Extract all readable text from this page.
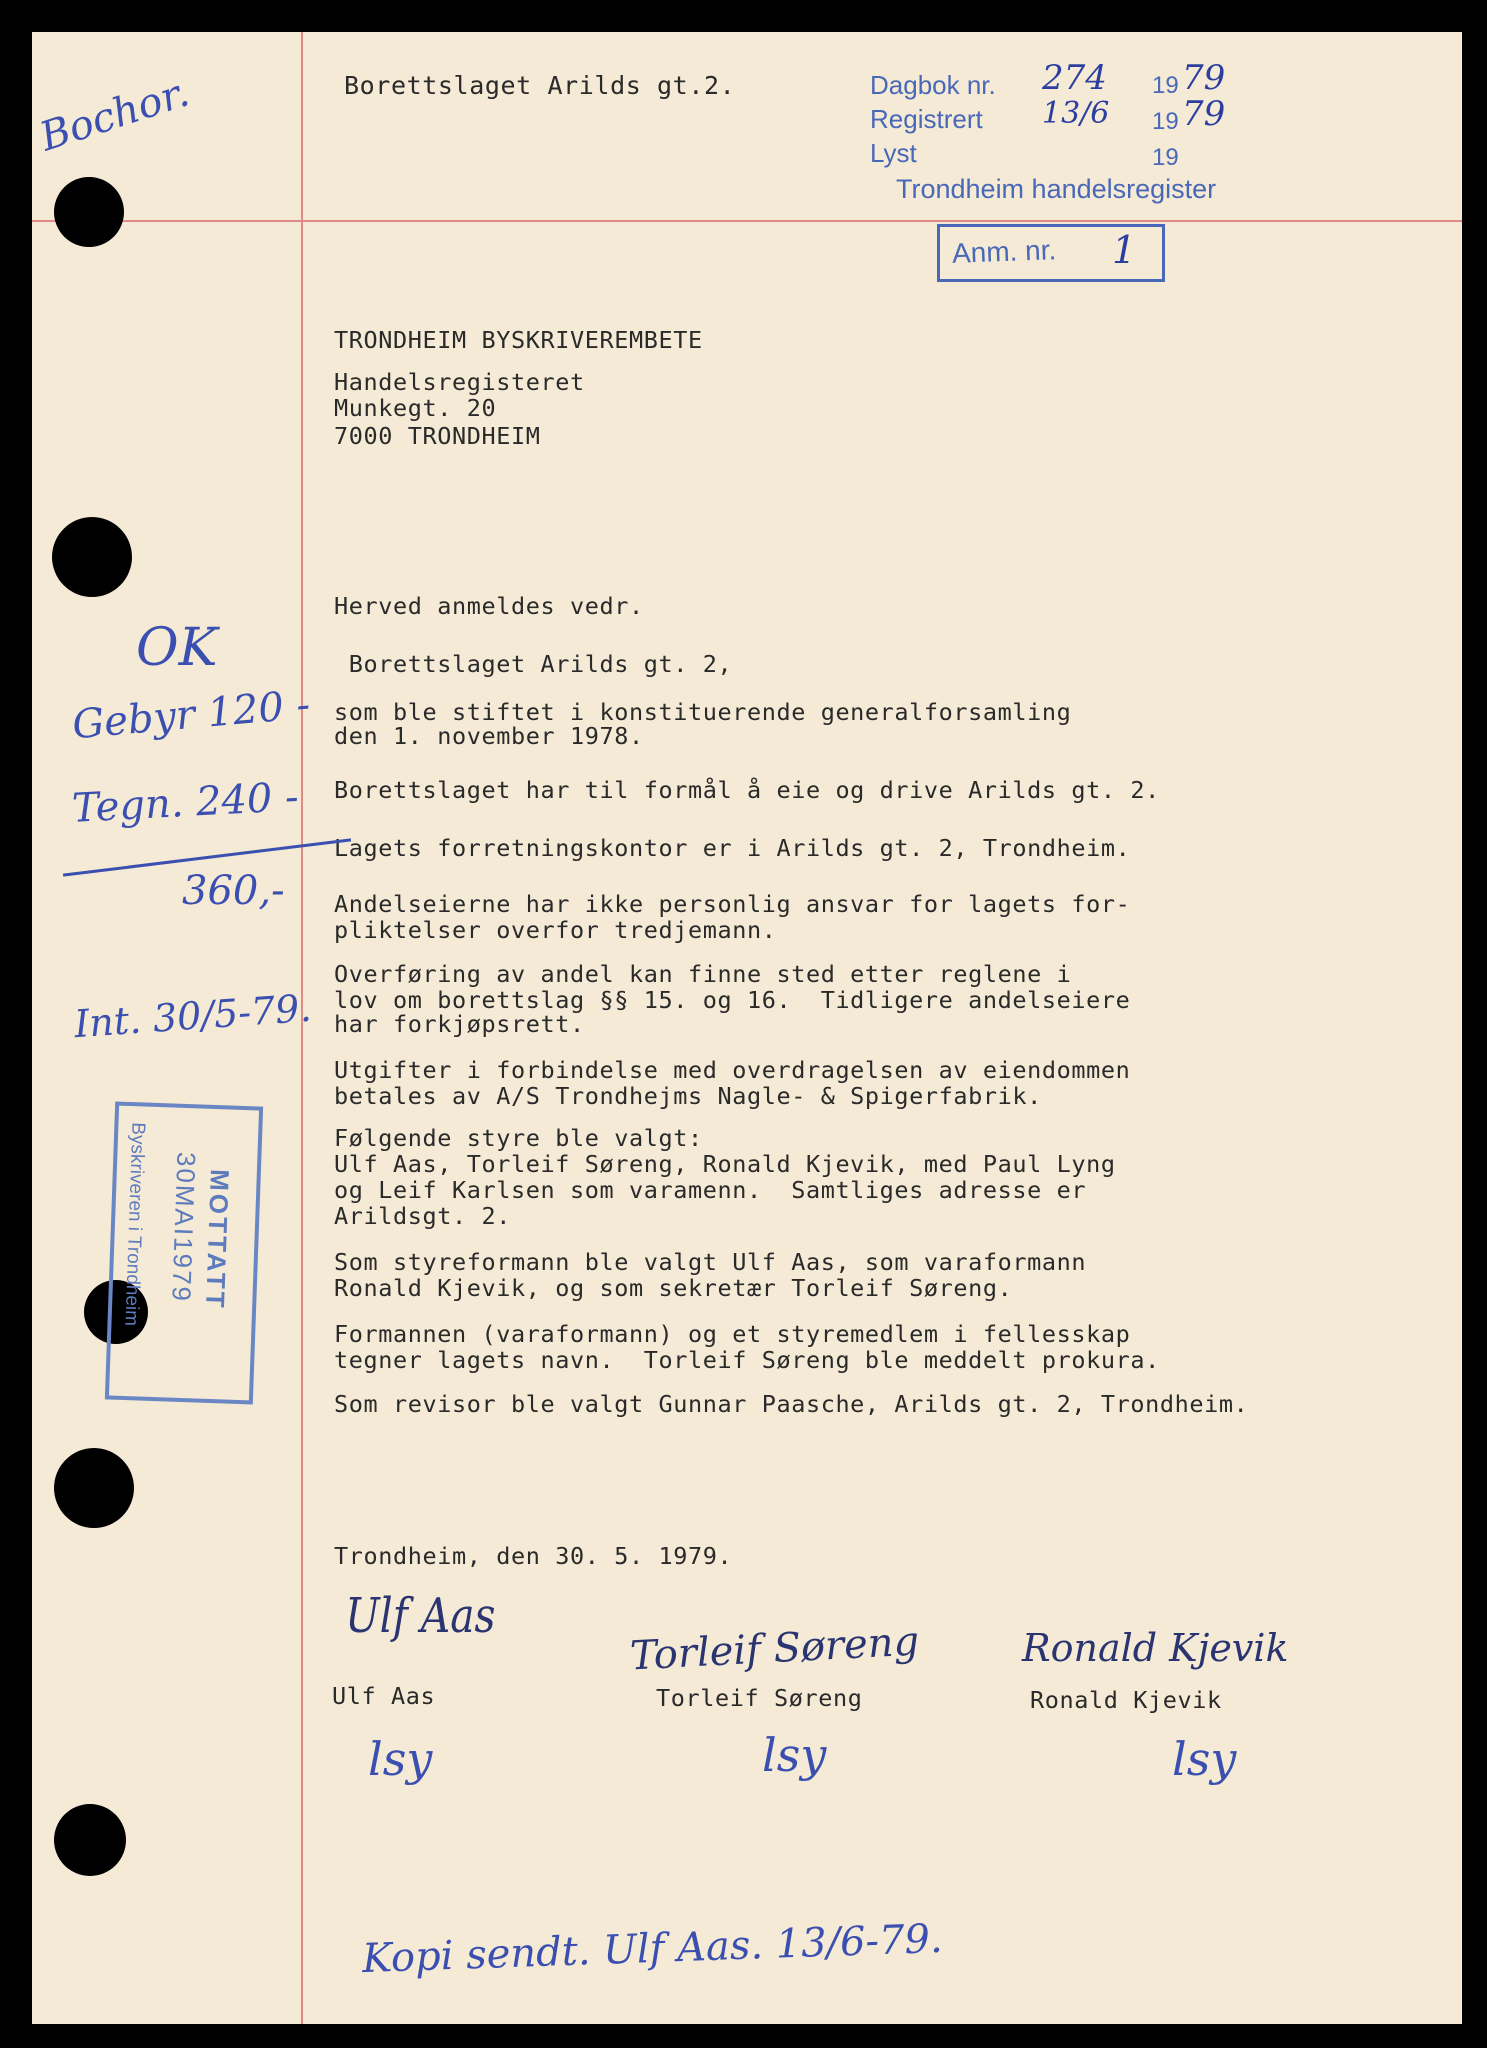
Borettslaget Arilds gt.2.	Dagbok nr. 274 19 79
Registrert 13/6 19 79
Lyst	19
Trondheim handelsregister
Anm. nr. 1
TRONDHEIM BYSKRIVEREMBETE
Handelsregisteret
Munkegt. 20
7000 TRONDHEIM
Herved anmeldes vedr.
Borettslaget Arilds gt. 2,
som ble stiftet i konstituerende generalforsamling
den 1. november 1978.
Borettslaget har til formål å eie og drive Arilds gt. 2.
Lagets forretningskontor er i Arilds gt. 2, Trondheim.
Andelseierne har ikke personlig ansvar for lagets for-
pliktelser overfor tredjemann.
Overføring av andel kan finne sted etter reglene i
lov om borettslag §§ 15. og 16.  Tidligere andelseiere
har forkjøpsrett.
Utgifter i forbindelse med overdragelsen av eiendommen
betales av A/S Trondhejms Nagle- & Spigerfabrik.
Følgende styre ble valgt:
Ulf Aas, Torleif Søreng, Ronald Kjevik, med Paul Lyng
og Leif Karlsen som varamenn.  Samtliges adresse er
Arildsgt. 2.
Som styreformann ble valgt Ulf Aas, som varaformann
Ronald Kjevik, og som sekretær Torleif Søreng.
Formannen (varaformann) og et styremedlem i fellesskap
tegner lagets navn.  Torleif Søreng ble meddelt prokura.
Som revisor ble valgt Gunnar Paasche, Arilds gt. 2, Trondheim.
Trondheim, den 30. 5. 1979.
Ulf Aas
Torleif Søreng	Ronald Kjevik
Ulf Aas	Torleif Søreng	Ronald Kjevik
lsy	lsy	lsy
Bochor.
OK
Gebyr 120 -
Tegn. 240 -
360,-
Int. 30/5-79.
MOTTATT
30MAI1979
Byskriveren i Trondheim
Kopi sendt. Ulf Aas. 13/6-79.
